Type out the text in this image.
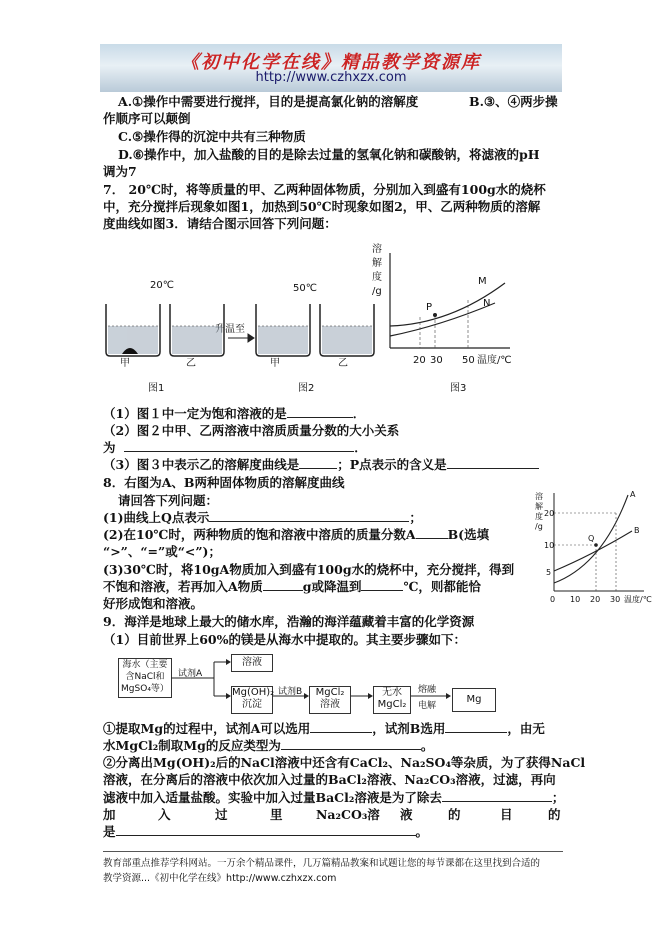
《初中化学在线》精品教学资源库
http://www.czhxzx.com
A.①操作中需要进行搅拌，目的是提高氯化钠的溶解度	B.③、④两步操
作顺序可以颠倒
C.⑤操作得的沉淀中共有三种物质
D.⑥操作中，加入盐酸的目的是除去过量的氢氧化钠和碳酸钠，将滤液的pH
调为7
7． 20℃时，将等质量的甲、乙两种固体物质，分别加入到盛有100g水的烧杯
中，充分搅拌后现象如图1，加热到50℃时现象如图2，甲、乙两种物质的溶解
度曲线如图3．请结合图示回答下列问题：
20℃	50℃
升温至
甲	乙	甲	乙
图1	图2	图3
溶
解
度
/g
M
N
P
20 30 50 温度/℃
（1）图１中一定为饱和溶液的是	．
（2）图２中甲、乙两溶液中溶质质量分数的大小关系
为	．
（3）图３中表示乙的溶解度曲线是	；P点表示的含义是
8．右图为A、B两种固体物质的溶解度曲线
请回答下列问题：
(1)曲线上Q点表示	；
(2)在10℃时，两种物质的饱和溶液中溶质的质量分数A	B(选填
“>”、“=”或“<”)；
(3)30℃时，将10gA物质加入到盛有100g水的烧杯中，充分搅拌，得到
不饱和溶液，若再加入A物质	g或降温到	℃，则都能恰
好形成饱和溶液。
溶
解
度
/g
20
10
5
0 10 20 30 温度/℃
A
B
Q
9．海洋是地球上最大的储水库，浩瀚的海洋蕴藏着丰富的化学资源
（1）目前世界上60%的镁是从海水中提取的。其主要步骤如下：
海水（主要
含NaCl和
MgSO₄等）
试剂A
溶液
Mg(OH)₂
沉淀
试剂B	MgCl₂
溶液
无水
MgCl₂
熔融
电解
Mg
①提取Mg的过程中，试剂A可以选用	，试剂B选用	，由无
水MgCl₂制取Mg的反应类型为	。
②分离出Mg(OH)₂后的NaCl溶液中还含有CaCl₂、Na₂SO₄等杂质，为了获得NaCl
溶液，在分离后的溶液中依次加入过量的BaCl₂溶液、Na₂CO₃溶液，过滤，再向
滤液中加入适量盐酸。实验中加入过量BaCl₂溶液是为了除去	；
加	入	过	里	Na₂CO₃溶 液	的	目	的
是	。
教育部重点推荐学科网站。一万余个精品课件，几万篇精品教案和试题让您的每节课都在这里找到合适的
教学资源...《初中化学在线》http://www.czhxzx.com
